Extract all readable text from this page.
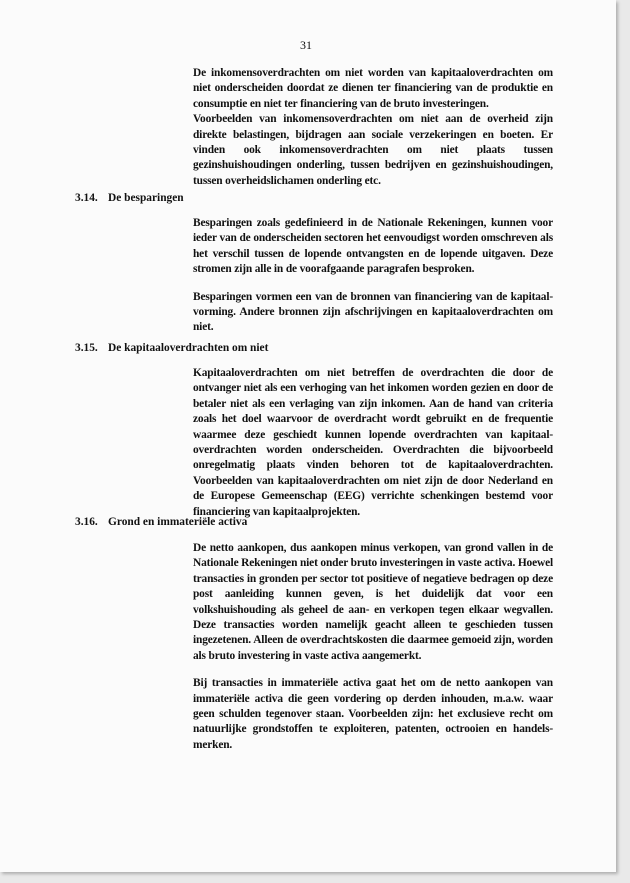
31

De inkomensoverdrachten om niet worden van kapitaaloverdrachten om niet onderscheiden doordat ze dienen ter financiering van de produktie en consumptie en niet ter financiering van de bruto investeringen.

Voorbeelden van inkomensoverdrachten om niet aan de overheid zijn direkte belastingen, bijdragen aan sociale verzekeringen en boeten. Er vinden ook inkomensoverdrachten om niet plaats tussen gezinshuishoudingen onderling, tussen bedrijven en gezinshuishoudingen, tussen overheidslichamen onderling etc.

3.14. De besparingen

Besparingen zoals gedefinieerd in de Nationale Rekeningen, kunnen voor ieder van de onderscheiden sectoren het eenvoudigst worden omschreven als het verschil tussen de lopende ontvangsten en de lopende uitgaven. Deze stromen zijn alle in de voorafgaande paragrafen besproken.

Besparingen vormen een van de bronnen van financiering van de kapitaal-vorming. Andere bronnen zijn afschrijvingen en kapitaaloverdrachten om niet.

3.15. De kapitaaloverdrachten om niet

Kapitaaloverdrachten om niet betreffen de overdrachten die door de ontvanger niet als een verhoging van het inkomen worden gezien en door de betaler niet als een verlaging van zijn inkomen. Aan de hand van criteria zoals het doel waarvoor de overdracht wordt gebruikt en de frequentie waarmee deze geschiedt kunnen lopende overdrachten van kapitaal-overdrachten worden onderscheiden. Overdrachten die bijvoorbeeld onregelmatig plaats vinden behoren tot de kapitaaloverdrachten. Voorbeelden van kapitaaloverdrachten om niet zijn de door Nederland en de Europese Gemeenschap (EEG) verrichte schenkingen bestemd voor financiering van kapitaalprojekten.

3.16. Grond en immateriële activa

De netto aankopen, dus aankopen minus verkopen, van grond vallen in de Nationale Rekeningen niet onder bruto investeringen in vaste activa. Hoewel transacties in gronden per sector tot positieve of negatieve bedragen op deze post aanleiding kunnen geven, is het duidelijk dat voor een volkshuishouding als geheel de aan- en verkopen tegen elkaar wegvallen. Deze transacties worden namelijk geacht alleen te geschieden tussen ingezetenen. Alleen de overdrachtskosten die daarmee gemoeid zijn, worden als bruto investering in vaste activa aangemerkt.

Bij transacties in immateriële activa gaat het om de netto aankopen van immateriële activa die geen vordering op derden inhouden, m.a.w. waar geen schulden tegenover staan. Voorbeelden zijn: het exclusieve recht om natuurlijke grondstoffen te exploiteren, patenten, octrooien en handels-merken.
